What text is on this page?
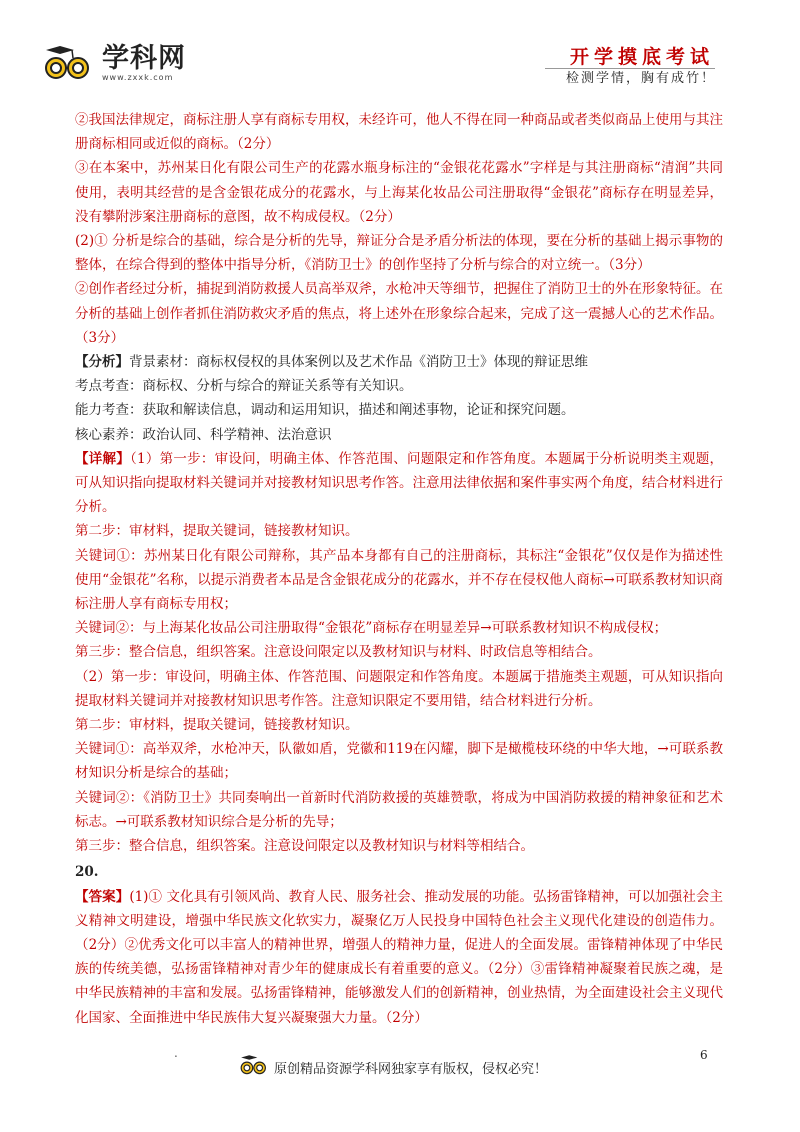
学科网
www.zxxk.com
开学摸底考试
检测学情，胸有成竹！

②我国法律规定，商标注册人享有商标专用权，未经许可，他人不得在同一种商品或者类似商品上使用与其注册商标相同或近似的商标。（2分）

③在本案中，苏州某日化有限公司生产的花露水瓶身标注的“金银花花露水”字样是与其注册商标“清润”共同使用，表明其经营的是含金银花成分的花露水，与上海某化妆品公司注册取得“金银花”商标存在明显差异，没有攀附涉案注册商标的意图，故不构成侵权。（2分）

(2)① 分析是综合的基础，综合是分析的先导，辩证分合是矛盾分析法的体现，要在分析的基础上揭示事物的整体，在综合得到的整体中指导分析，《消防卫士》的创作坚持了分析与综合的对立统一。（3分）

②创作者经过分析，捕捉到消防救援人员高举双斧，水枪冲天等细节，把握住了消防卫士的外在形象特征。在分析的基础上创作者抓住消防救灾矛盾的焦点，将上述外在形象综合起来，完成了这一震撼人心的艺术作品。（3分）

【分析】背景素材：商标权侵权的具体案例以及艺术作品《消防卫士》体现的辩证思维

考点考查：商标权、分析与综合的辩证关系等有关知识。

能力考查：获取和解读信息，调动和运用知识，描述和阐述事物，论证和探究问题。

核心素养：政治认同、科学精神、法治意识

【详解】（1）第一步：审设问，明确主体、作答范围、问题限定和作答角度。本题属于分析说明类主观题，可从知识指向提取材料关键词并对接教材知识思考作答。注意用法律依据和案件事实两个角度，结合材料进行分析。

第二步：审材料，提取关键词，链接教材知识。

关键词①：苏州某日化有限公司辩称，其产品本身都有自己的注册商标，其标注“金银花”仅仅是作为描述性使用“金银花”名称，以提示消费者本品是含金银花成分的花露水，并不存在侵权他人商标→可联系教材知识商标注册人享有商标专用权；

关键词②：与上海某化妆品公司注册取得“金银花”商标存在明显差异→可联系教材知识不构成侵权；

第三步：整合信息，组织答案。注意设问限定以及教材知识与材料、时政信息等相结合。

（2）第一步：审设问，明确主体、作答范围、问题限定和作答角度。本题属于措施类主观题，可从知识指向提取材料关键词并对接教材知识思考作答。注意知识限定不要用错，结合材料进行分析。

第二步：审材料，提取关键词，链接教材知识。

关键词①：高举双斧，水枪冲天，队徽如盾，党徽和119在闪耀，脚下是橄榄枝环绕的中华大地，→可联系教材知识分析是综合的基础；

关键词②：《消防卫士》共同奏响出一首新时代消防救援的英雄赞歌，将成为中国消防救援的精神象征和艺术标志。→可联系教材知识综合是分析的先导；

第三步：整合信息，组织答案。注意设问限定以及教材知识与材料等相结合。

20.

【答案】(1)① 文化具有引领风尚、教育人民、服务社会、推动发展的功能。弘扬雷锋精神，可以加强社会主义精神文明建设，增强中华民族文化软实力，凝聚亿万人民投身中国特色社会主义现代化建设的创造伟力。（2分）②优秀文化可以丰富人的精神世界，增强人的精神力量，促进人的全面发展。雷锋精神体现了中华民族的传统美德，弘扬雷锋精神对青少年的健康成长有着重要的意义。（2分）③雷锋精神凝聚着民族之魂，是中华民族精神的丰富和发展。弘扬雷锋精神，能够激发人们的创新精神，创业热情，为全面建设社会主义现代化国家、全面推进中华民族伟大复兴凝聚强大力量。（2分）

.
原创精品资源学科网独家享有版权，侵权必究！
6
